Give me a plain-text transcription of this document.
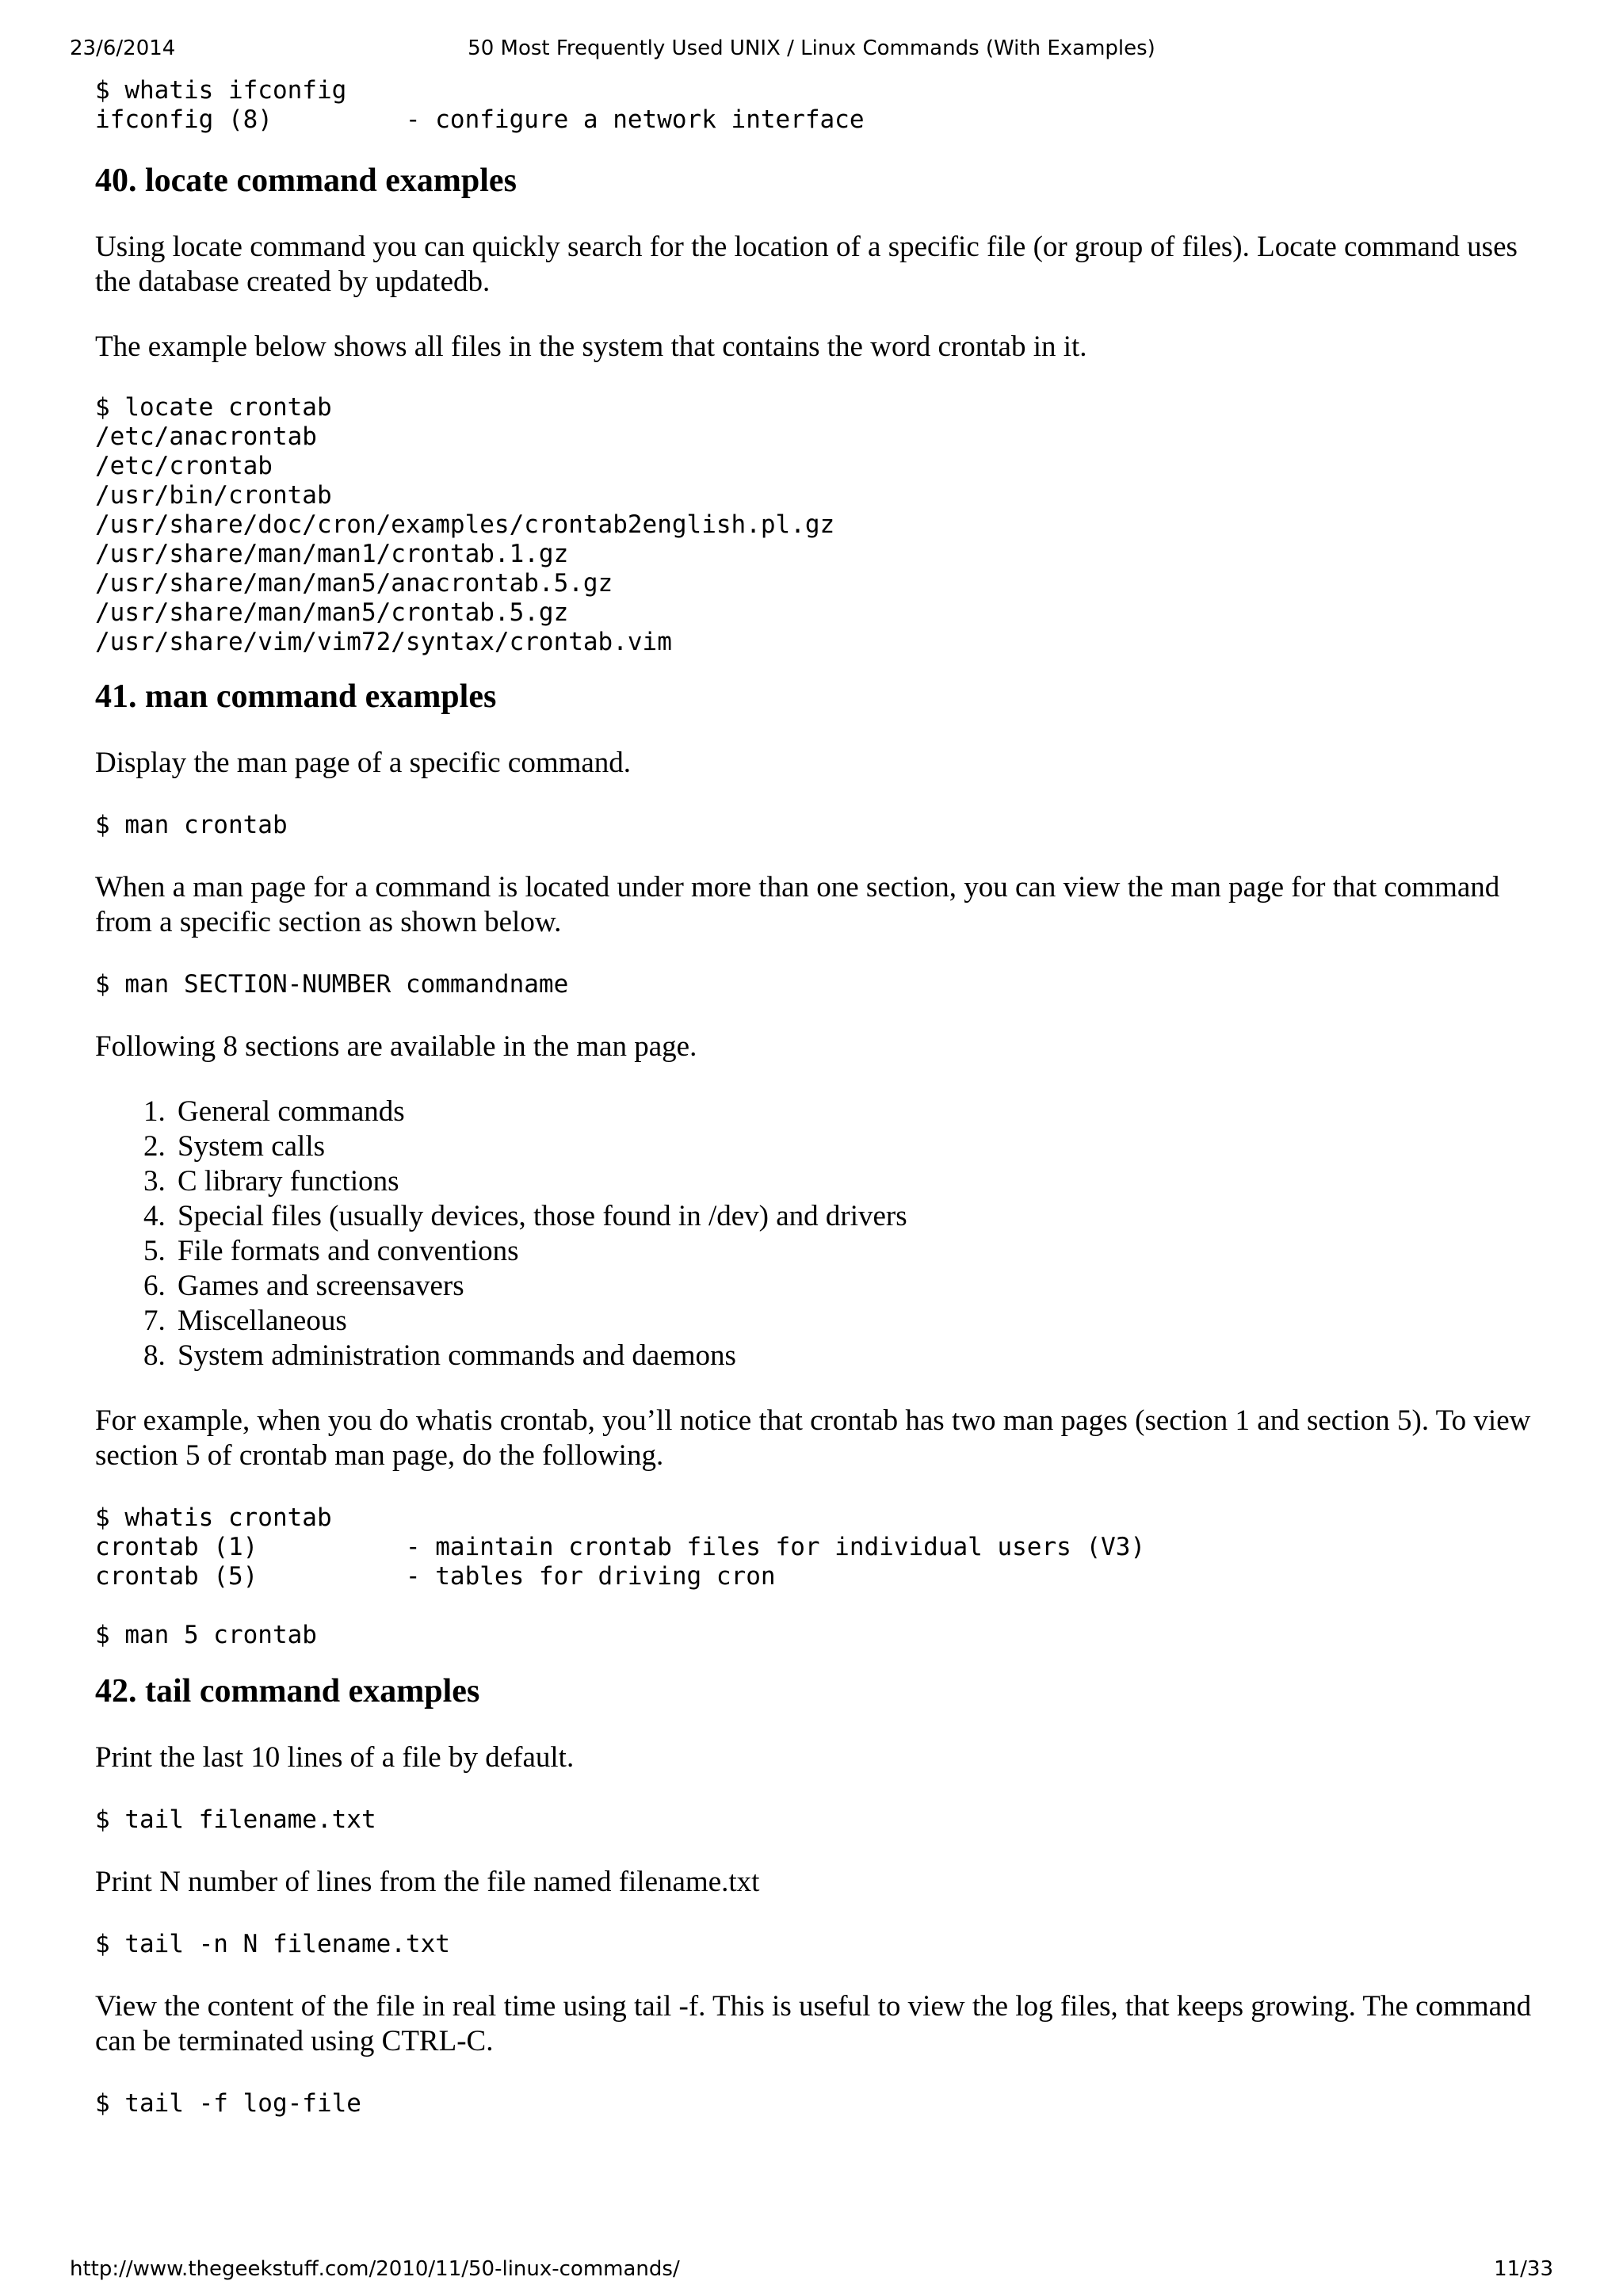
23/6/2014	50 Most Frequently Used UNIX / Linux Commands (With Examples)
$ whatis ifconfig
ifconfig (8)         - configure a network interface
40. locate command examples

Using locate command you can quickly search for the location of a specific file (or group of files). Locate command uses the database created by updatedb.

The example below shows all files in the system that contains the word crontab in it.

$ locate crontab
/etc/anacrontab
/etc/crontab
/usr/bin/crontab
/usr/share/doc/cron/examples/crontab2english.pl.gz
/usr/share/man/man1/crontab.1.gz
/usr/share/man/man5/anacrontab.5.gz
/usr/share/man/man5/crontab.5.gz
/usr/share/vim/vim72/syntax/crontab.vim
41. man command examples

Display the man page of a specific command.

$ man crontab

When a man page for a command is located under more than one section, you can view the man page for that command from a specific section as shown below.

$ man SECTION-NUMBER commandname

Following 8 sections are available in the man page.

1. General commands
2. System calls
3. C library functions
4. Special files (usually devices, those found in /dev) and drivers
5. File formats and conventions
6. Games and screensavers
7. Miscellaneous
8. System administration commands and daemons

For example, when you do whatis crontab, you’ll notice that crontab has two man pages (section 1 and section 5). To view section 5 of crontab man page, do the following.

$ whatis crontab
crontab (1)          - maintain crontab files for individual users (V3)
crontab (5)          - tables for driving cron

$ man 5 crontab
42. tail command examples

Print the last 10 lines of a file by default.

$ tail filename.txt

Print N number of lines from the file named filename.txt

$ tail -n N filename.txt

View the content of the file in real time using tail -f. This is useful to view the log files, that keeps growing. The command can be terminated using CTRL-C.

$ tail -f log-file
http://www.thegeekstuff.com/2010/11/50-linux-commands/	11/33
